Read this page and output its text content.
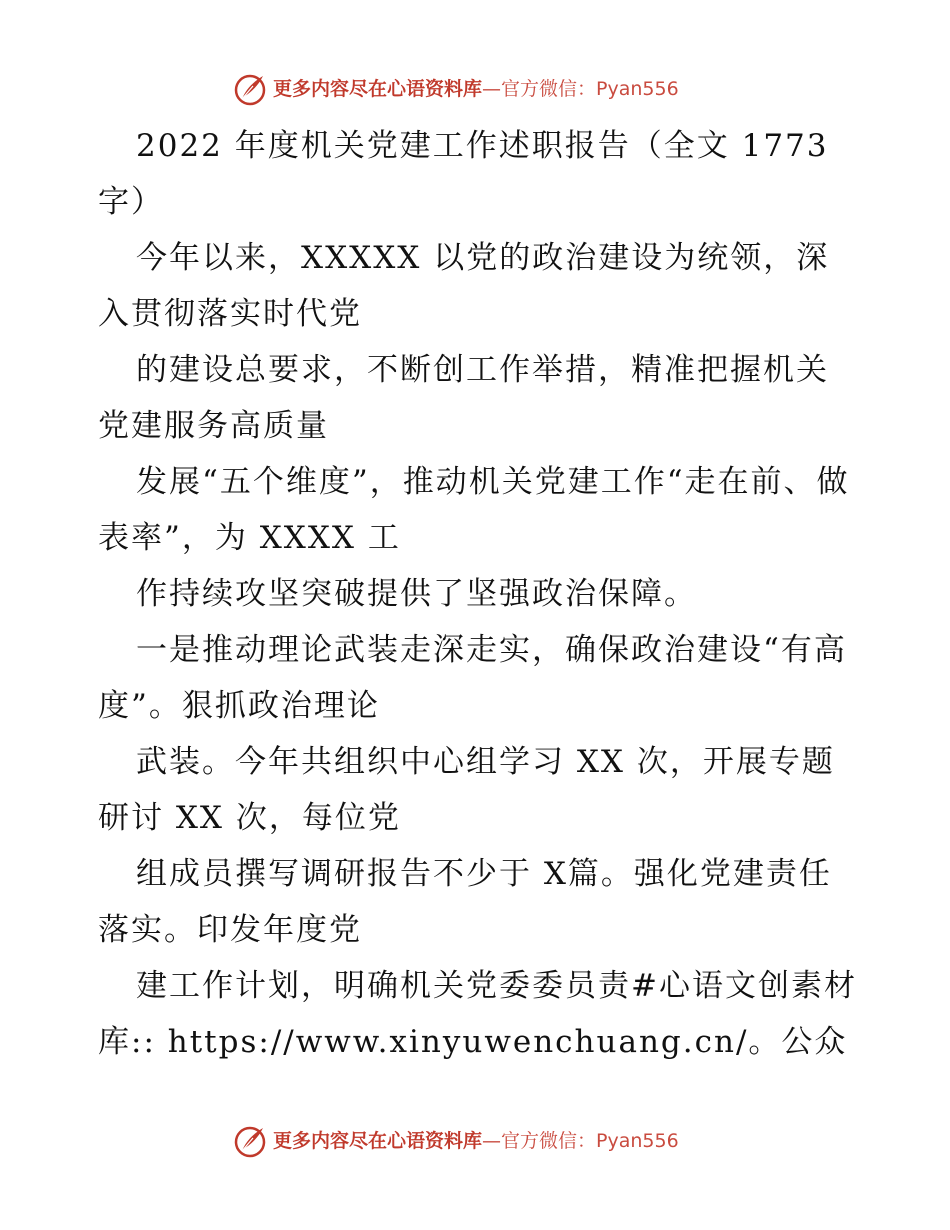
更多内容尽在心语资料库 — 官方微信：Pyan556

2022 年度机关党建工作述职报告（全文 1773 字）

今年以来，XXXXX 以党的政治建设为统领，深入贯彻落实时代党

的建设总要求，不断创工作举措，精准把握机关党建服务高质量

发展“五个维度”，推动机关党建工作“走在前、做表率”，为 XXXX 工

作持续攻坚突破提供了坚强政治保障。

一是推动理论武装走深走实，确保政治建设“有高度”。狠抓政治理论

武装。今年共组织中心组学习 XX 次，开展专题研讨 XX 次，每位党

组成员撰写调研报告不少于 X篇。强化党建责任落实。印发年度党

建工作计划，明确机关党委委员责#心语文创素材库:: https://www.xinyuwenchuang.cn/。公众

更多内容尽在心语资料库 — 官方微信：Pyan556
